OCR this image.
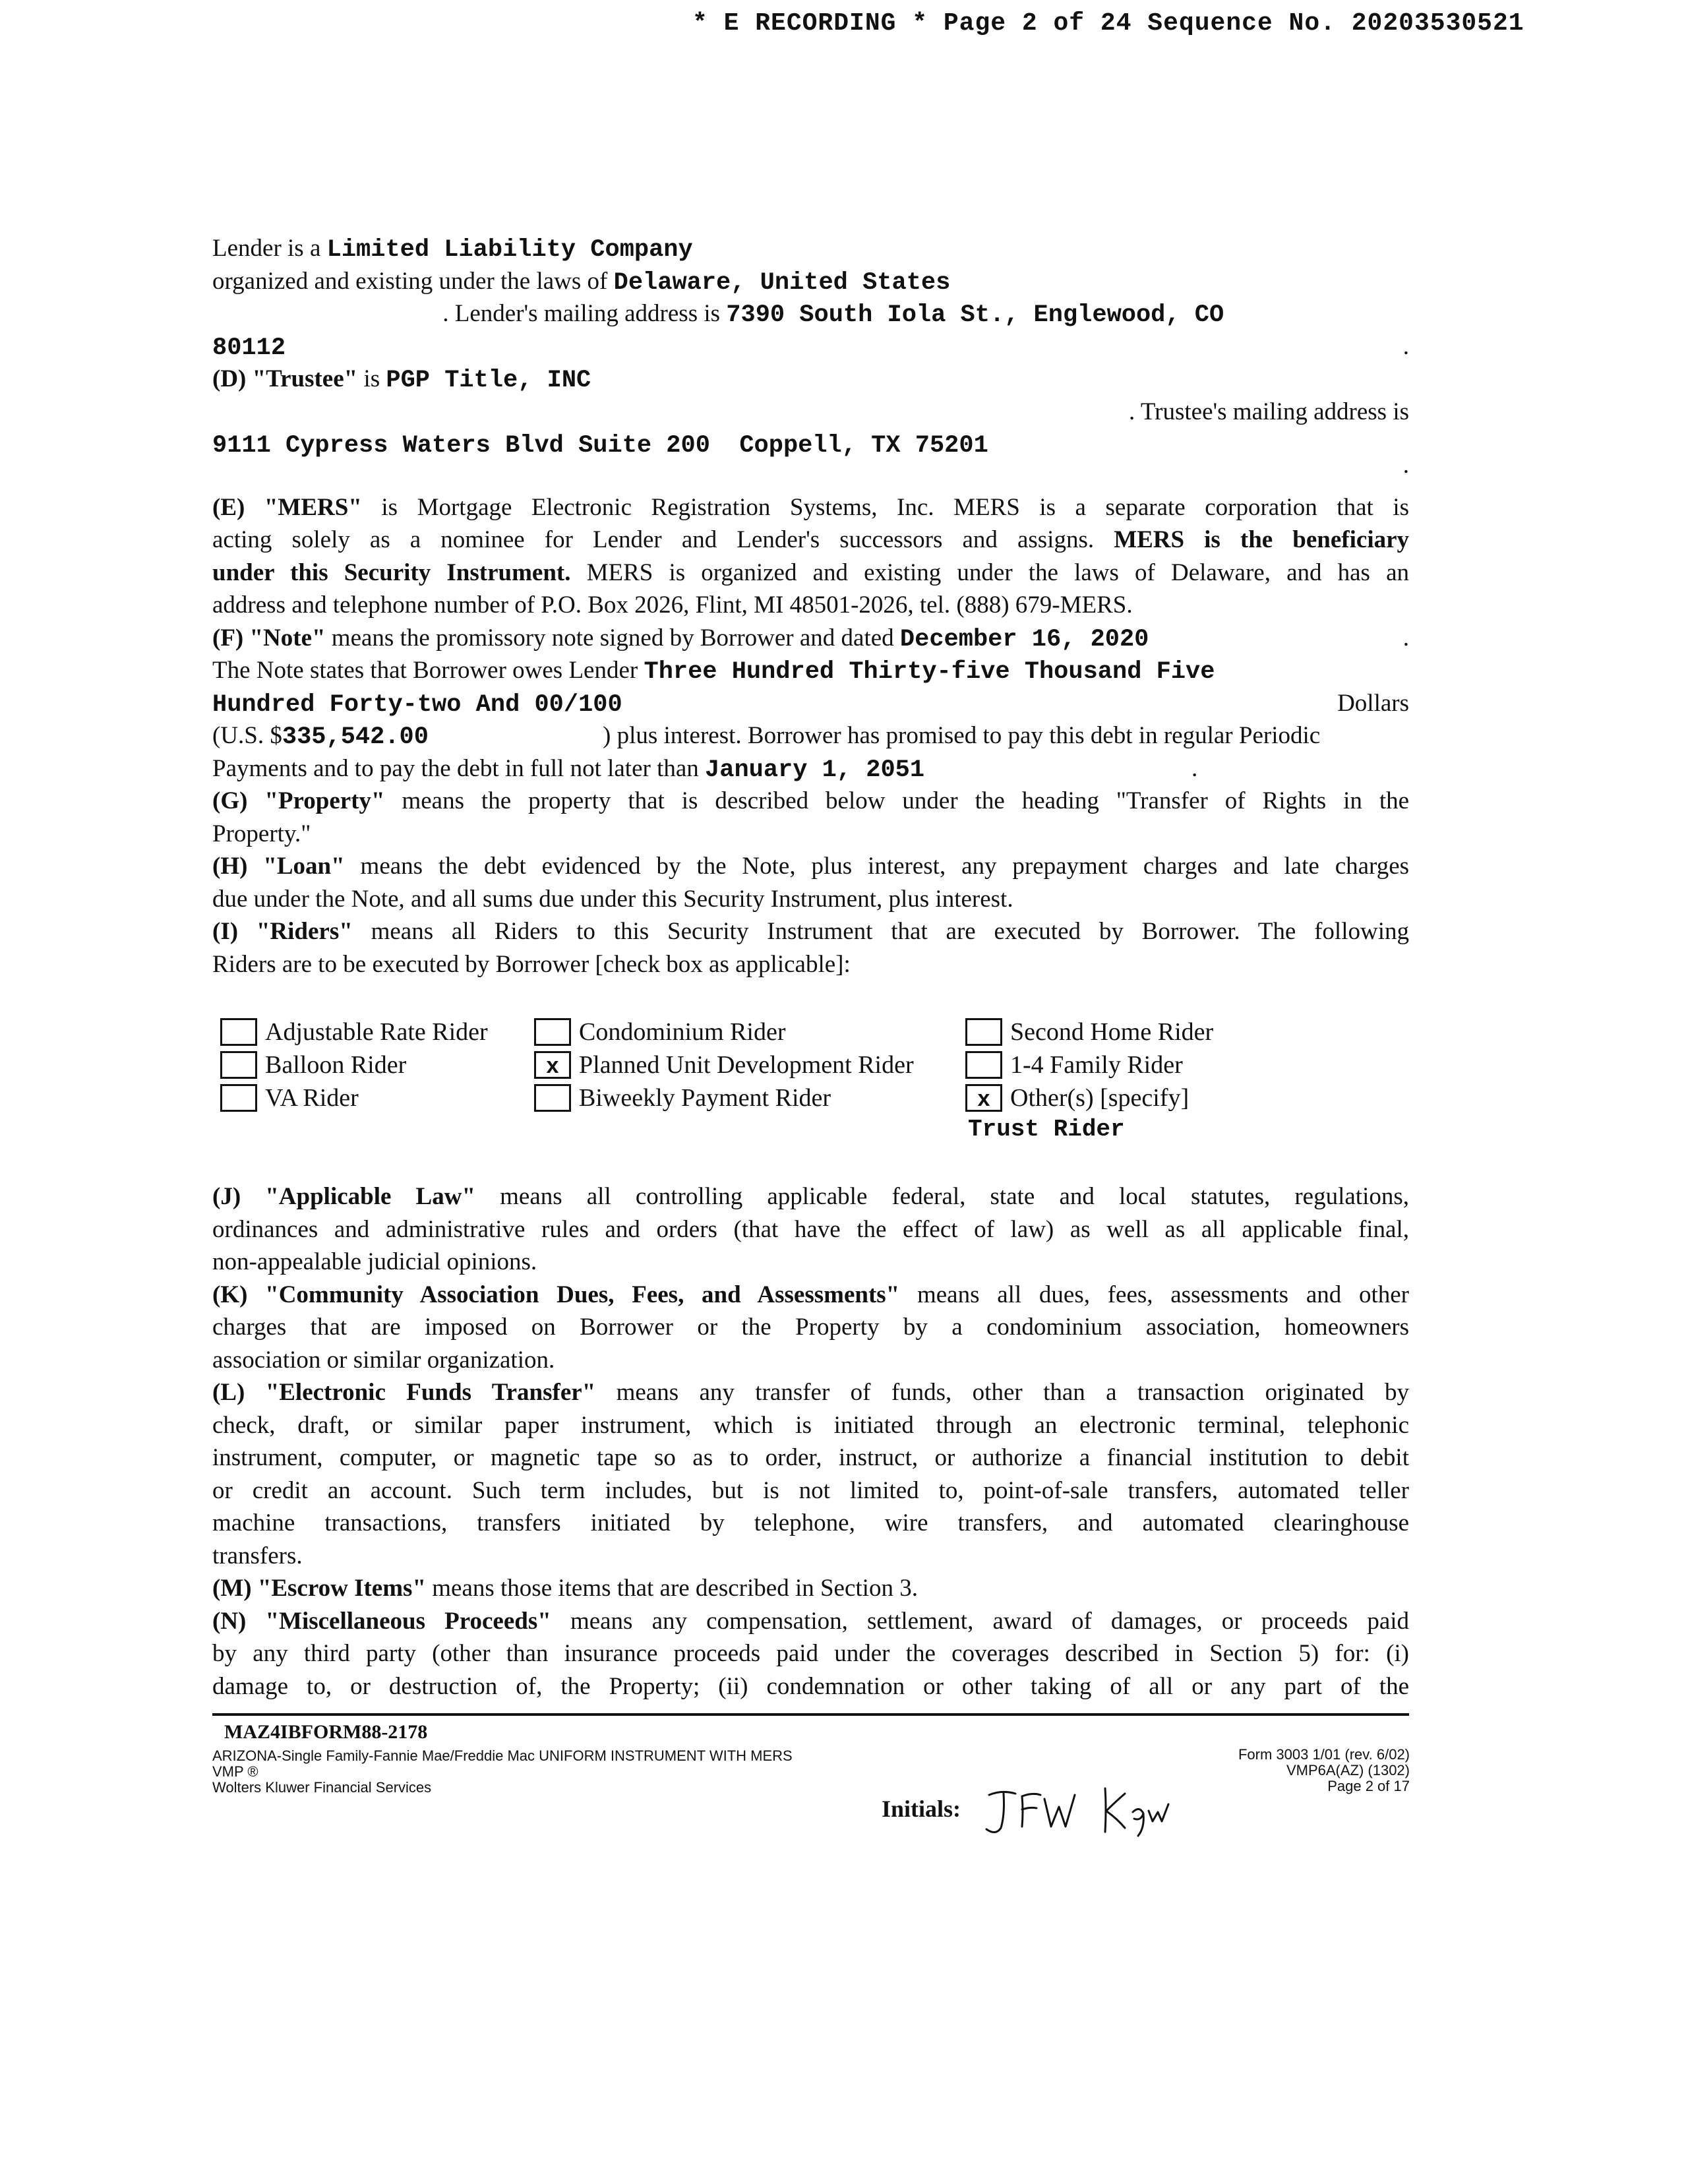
* E RECORDING * Page 2 of 24 Sequence No. 20203530521
Lender is a Limited Liability Company
organized and existing under the laws of Delaware, United States
. Lender's mailing address is 7390 South Iola St., Englewood, CO
80112	.
(D) "Trustee" is PGP Title, INC
. Trustee's mailing address is
9111 Cypress Waters Blvd Suite 200  Coppell, TX 75201
.
(E) "MERS" is Mortgage Electronic Registration Systems, Inc. MERS is a separate corporation that is
acting solely as a nominee for Lender and Lender's successors and assigns. MERS is the beneficiary
under this Security Instrument. MERS is organized and existing under the laws of Delaware, and has an
address and telephone number of P.O. Box 2026, Flint, MI 48501-2026, tel. (888) 679-MERS.
(F) "Note" means the promissory note signed by Borrower and dated December 16, 2020	.
The Note states that Borrower owes Lender Three Hundred Thirty-five Thousand Five
Hundred Forty-two And 00/100	Dollars
(U.S. $335,542.00	) plus interest. Borrower has promised to pay this debt in regular Periodic
Payments and to pay the debt in full not later than January 1, 2051	.
(G) "Property" means the property that is described below under the heading "Transfer of Rights in the
Property."
(H) "Loan" means the debt evidenced by the Note, plus interest, any prepayment charges and late charges
due under the Note, and all sums due under this Security Instrument, plus interest.
(I) "Riders" means all Riders to this Security Instrument that are executed by Borrower. The following
Riders are to be executed by Borrower [check box as applicable]:
Adjustable Rate Rider	Condominium Rider	Second Home Rider
Balloon Rider	x Planned Unit Development Rider	1-4 Family Rider
VA Rider	Biweekly Payment Rider	x Other(s) [specify]
Trust Rider
(J) "Applicable Law" means all controlling applicable federal, state and local statutes, regulations,
ordinances and administrative rules and orders (that have the effect of law) as well as all applicable final,
non-appealable judicial opinions.
(K) "Community Association Dues, Fees, and Assessments" means all dues, fees, assessments and other
charges that are imposed on Borrower or the Property by a condominium association, homeowners
association or similar organization.
(L) "Electronic Funds Transfer" means any transfer of funds, other than a transaction originated by
check, draft, or similar paper instrument, which is initiated through an electronic terminal, telephonic
instrument, computer, or magnetic tape so as to order, instruct, or authorize a financial institution to debit
or credit an account. Such term includes, but is not limited to, point-of-sale transfers, automated teller
machine transactions, transfers initiated by telephone, wire transfers, and automated clearinghouse
transfers.
(M) "Escrow Items" means those items that are described in Section 3.
(N) "Miscellaneous Proceeds" means any compensation, settlement, award of damages, or proceeds paid
by any third party (other than insurance proceeds paid under the coverages described in Section 5) for: (i)
damage to, or destruction of, the Property; (ii) condemnation or other taking of all or any part of the
MAZ4IBFORM88-2178
ARIZONA-Single Family-Fannie Mae/Freddie Mac UNIFORM INSTRUMENT WITH MERS
VMP ®
Wolters Kluwer Financial Services
Form 3003 1/01 (rev. 6/02)
VMP6A(AZ) (1302)
Page 2 of 17
Initials:
